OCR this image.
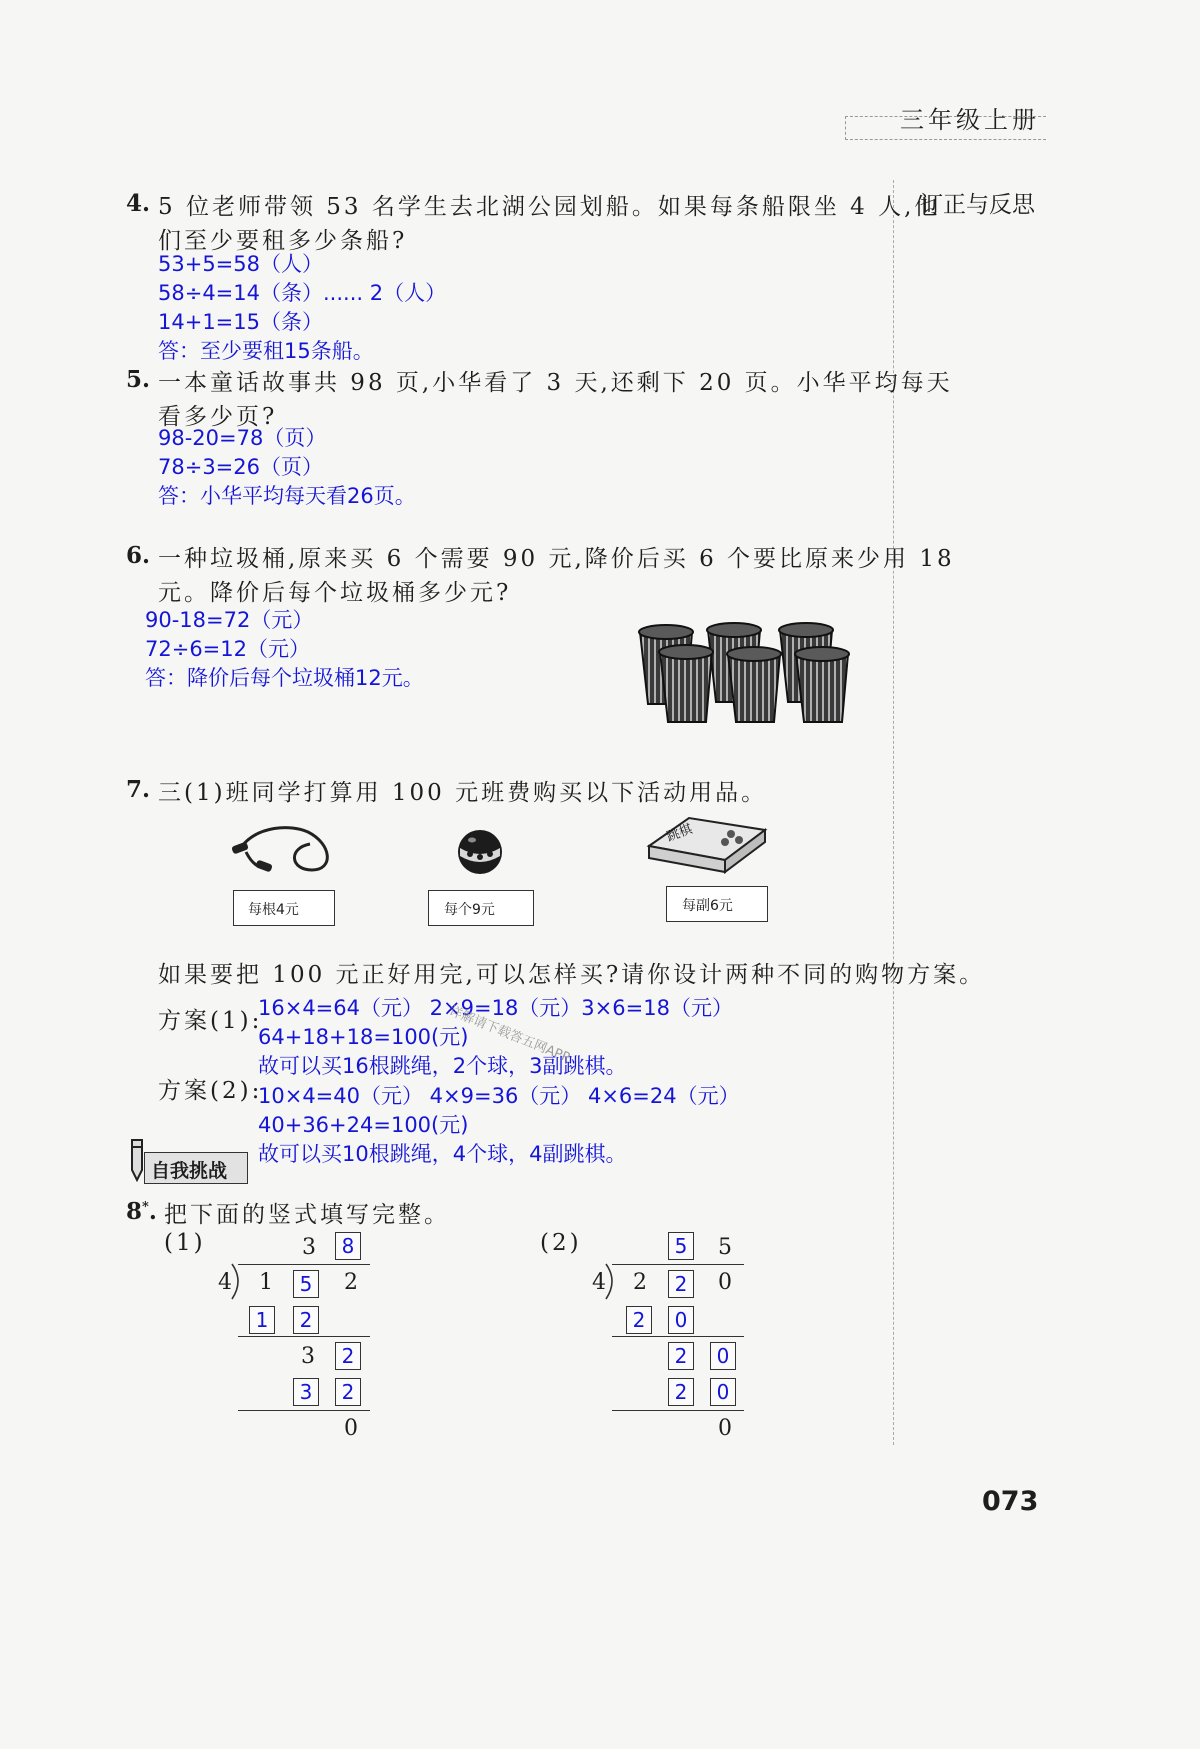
三年级上册
订正与反思
4. 5 位老师带领 53 名学生去北湖公园划船。如果每条船限坐 4 人,他
们至少要租多少条船?
53+5=58（人）
58÷4=14（条）...... 2（人）
14+1=15（条）
答：至少要租15条船。
5. 一本童话故事共 98 页,小华看了 3 天,还剩下 20 页。小华平均每天
看多少页?
98-20=78（页）
78÷3=26（页）
答：小华平均每天看26页。
6. 一种垃圾桶,原来买 6 个需要 90 元,降价后买 6 个要比原来少用 18
元。降价后每个垃圾桶多少元?
90-18=72（元）
72÷6=12（元）
答：降价后每个垃圾桶12元。
7. 三(1)班同学打算用 100 元班费购买以下活动用品。
每根4元	每个9元
跳棋
每副6元
如果要把 100 元正好用完,可以怎样买?请你设计两种不同的购物方案。
方案(1):
16×4=64（元） 2×9=18（元）3×6=18（元）
64+18+18=100(元)
故可以买16根跳绳，2个球，3副跳棋。
详解请下载答五网APP
方案(2):
10×4=40（元） 4×9=36（元） 4×6=24（元）
40+36+24=100(元)
故可以买10根跳绳，4个球，4副跳棋。
自我挑战
8*. 把下面的竖式填写完整。
(1)	3	8
4 1	5	2
1	2
3	2
3	2
0
(2)	5	5
4 2	2	0
2	0
2	0
2	0
0
073
